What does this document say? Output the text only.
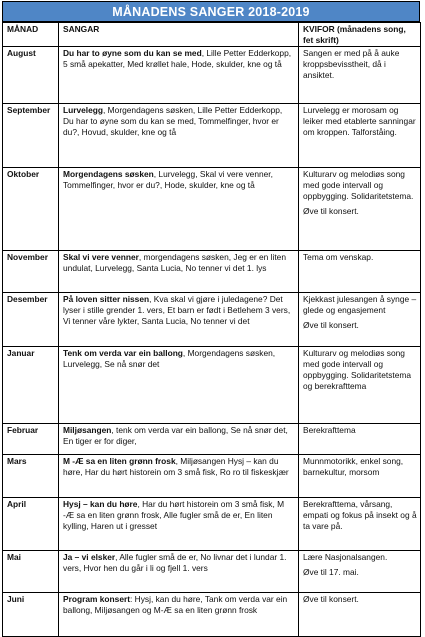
MÅNADENS SANGER 2018-2019
MÅNAD	SANGAR	KVIFOR (månadens song, fet skrift)
August	Du har to øyne som du kan se med, Lille Petter Edderkopp, 5 små apekatter, Med krøllet hale, Hode, skulder, kne og tå	Sangen er med på å auke kroppsbevisstheit, då i ansiktet.

September	Lurvelegg, Morgendagens søsken, Lille Petter Edderkopp, Du har to øyne som du kan se med, Tommelfinger, hvor er du?, Hovud, skulder, kne og tå	Lurvelegg er morosam og leiker med etablerte sanningar om kroppen. Talforståing.

Oktober	Morgendagens søsken, Lurvelegg, Skal vi vere venner, Tommelfinger, hvor er du?, Hode, skulder, kne og tå	Kulturarv og melodiøs song med gode intervall og oppbygging. Solidaritetstema.
Øve til konsert.

November	Skal vi vere venner, morgendagens søsken, Jeg er en liten undulat, Lurvelegg, Santa Lucia, No tenner vi det 1. lys	Tema om venskap.

Desember	På loven sitter nissen, Kva skal vi gjøre i juledagene? Det lyser i stille grender 1. vers, Et barn er født i Betlehem 3 vers, Vi tenner våre lykter, Santa Lucia, No tenner vi det	Kjekkast julesangen å synge – glede og engasjement
Øve til konsert.

Januar	Tenk om verda var ein ballong, Morgendagens søsken, Lurvelegg, Se nå snør det	Kulturarv og melodiøs song med gode intervall og oppbygging. Solidaritetstema og berekrafttema

Februar	Miljøsangen, tenk om verda var ein ballong, Se nå snør det, En tiger er for diger,	Berekrafttema

Mars	M -Æ sa en liten grønn frosk, Miljøsangen Hysj – kan du høre, Har du hørt historein om 3 små fisk, Ro ro til fiskeskjær	Munnmotorikk, enkel song, barnekultur, morsom

April	Hysj – kan du høre, Har du hørt historein om 3 små fisk, M -Æ sa en liten grønn frosk, Alle fugler små de er, En liten kylling, Haren ut i gresset	Berekrafttema, vårsang, empati og fokus på insekt og å ta vare på.

Mai	Ja – vi elsker, Alle fugler små de er, No livnar det i lundar 1. vers, Hvor hen du går i li og fjell 1. vers	Lære Nasjonalsangen.
Øve til 17. mai.

Juni	Program konsert: Hysj, kan du høre, Tank om verda var ein ballong, Miljøsangen og M-Æ sa en liten grønn frosk	Øve til konsert.
